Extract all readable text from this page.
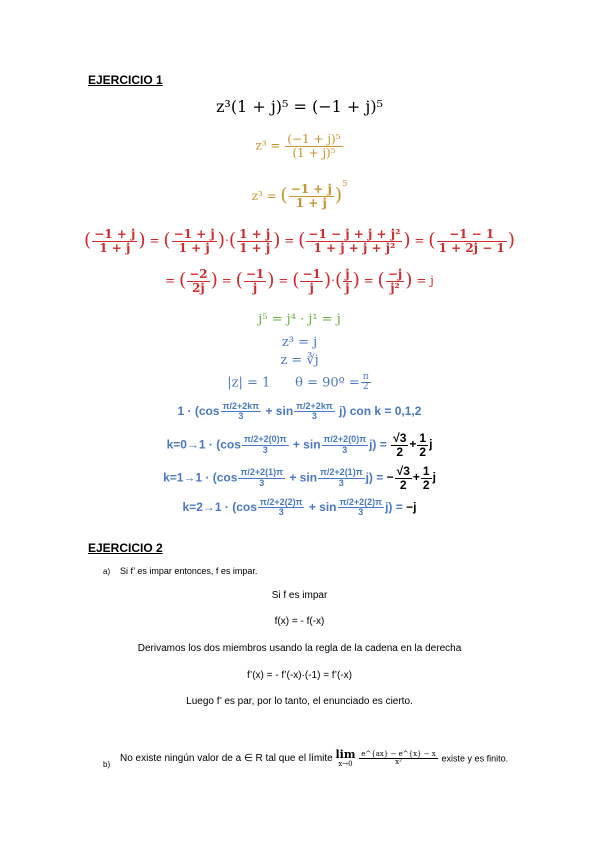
EJERCICIO 1
z³(1 + j)⁵ = (−1 + j)⁵
$z^3 = \frac{\text{(−1 + j)⁵}}{\text{(1 + j)⁵}}$
z³ = ( $\frac{-1 + j}{1 + j} )^5$
( $\frac{-1 + j}{1 + j}$ ) = ( $\frac{-1 + j}{1 + j}$ )·( $\frac{1 + j}{1 + j}$ ) = ( $\frac{\text{−1 − j + j + j²}}{\text{1 + j + j + j²}}$ ) = ( $\frac{-1 - 1}{1 + 2j - 1}$ )
= ( $\frac{-2}{2j}$ ) = ( $\frac{-1}{j}$ ) = ( $\frac{-1}{j}$ )·( $\frac{j}{j}$ ) = ( $\frac{-j}{\text{j²}}$ ) = j
j⁵ = j⁴ · j¹ = j
z³ = j
z = ∛j
|z| = 1 θ = 90º = $\frac{\pi}{2}$
$1 \cdot (\cos \frac{\pi/2+2k\pi}{3} + \sin \frac{\pi/2+2k\pi}{3} j)$ con k = 0,1,2
$k=0\to 1 \cdot (\cos \frac{\pi/2+2(0)\pi}{3} + \sin \frac{\pi/2+2(0)\pi}{3} j) = \frac{√3}{2} + \frac{1}{2}$ j
$k=1\to 1 \cdot (\cos \frac{\pi/2+2(1)\pi}{3} + \sin \frac{\pi/2+2(1)\pi}{3} j)$ = − $\frac{√3}{2} + \frac{1}{2}$ j
$k=2\to 1 \cdot (\cos \frac{\pi/2+2(2)\pi}{3} + \sin \frac{\pi/2+2(2)\pi}{3} j) = -j$
EJERCICIO 2
a) Si f’ es impar entonces, f es impar.
Si f es impar
f(x) = - f(-x)
Derivamos los dos miembros usando la regla de la cadena en la derecha
f’(x) = - f’(-x)·(-1) = f’(-x)
Luego f’ es par, por lo tanto, el enunciado es cierto.
b)
No existe ningún valor de a ∈ R tal que el límite lim
x→0
$\frac{e\^{}\{ax\} - e\^{}\{x\} - x}{\text{x²}}$ existe y es finito.
